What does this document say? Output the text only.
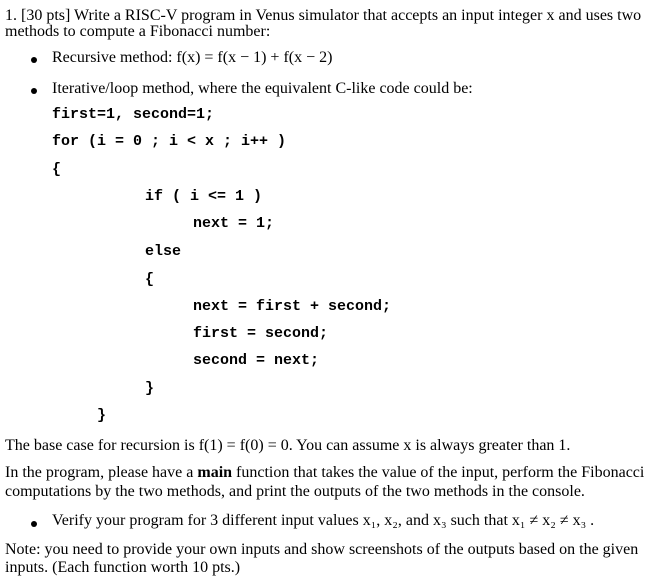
1. [30 pts] Write a RISC-V program in Venus simulator that accepts an input integer x and uses two
methods to compute a Fibonacci number:
Recursive method: f(x) = f(x − 1) + f(x − 2)
Iterative/loop method, where the equivalent C-like code could be:
first=1, second=1;
for (i = 0 ; i < x ; i++ )
{
if ( i <= 1 )
next = 1;
else
{
next = first + second;
first = second;
second = next;
}
}
The base case for recursion is f(1) = f(0) = 0. You can assume x is always greater than 1.
In the program, please have a main function that takes the value of the input, perform the Fibonacci
computations by the two methods, and print the outputs of the two methods in the console.
Verify your program for 3 different input values x₁, x₂, and x₃ such that x₁ ≠ x₂ ≠ x₃ .
Note: you need to provide your own inputs and show screenshots of the outputs based on the given
inputs. (Each function worth 10 pts.)
